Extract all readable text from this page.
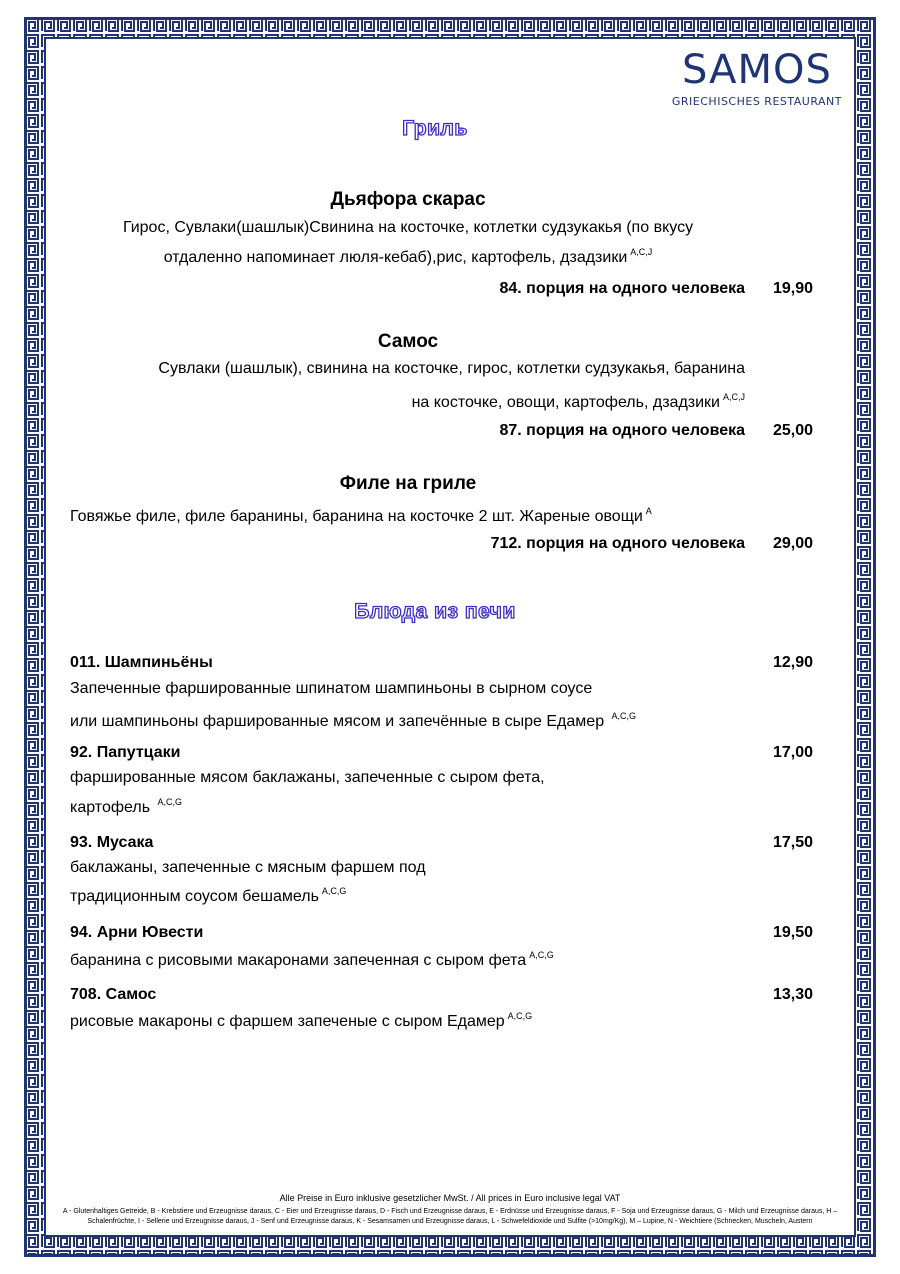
SAMOS
GRIECHISCHES RESTAURANT
Гриль
Дьяфора скарас
Гирос, Сувлаки(шашлык)Свинина на косточке, котлетки судзукакья (по вкусу
отдаленно напоминает люля-кебаб),рис, картофель, дзадзики $^{A,C,J}$
84. порция на одного человека 19,90
Самос
Сувлаки (шашлык), свинина на косточке, гирос, котлетки судзукакья, баранина
на косточке, овощи, картофель, дзадзики $^{A,C,J}$
87. порция на одного человека 25,00
Филе на гриле
Говяжье филе, филе баранины, баранина на косточке 2 шт. Жареные овощи $^A$
712. порция на одного человека 29,00
Блюда из печи
011. Шампиньёны	12,90
Запеченные фаршированные шпинатом шампиньоны в сырном соусе
или шампиньоны фаршированные мясом и запечённые в сыре Едамер $^{A,C,G}$
92. Папутцаки	17,00
фаршированные мясом баклажаны, запеченные с сыром фета,
картофель $^{A,C,G}$
93. Мусака	17,50
баклажаны, запеченные с мясным фаршем под
традиционным соусом бешамель $^{A,C,G}$
94. Арни Ювести	19,50
баранина с рисовыми макаронами запеченная с сыром фета $^{A,C,G}$
708. Самос	13,30
рисовые макароны с фаршем запеченые с сыром Едамер $^{A,C,G}$
Alle Preise in Euro inklusive gesetzlicher MwSt. / All prices in Euro inclusive legal VAT
A - Glutenhaltiges Getreide, B - Krebstiere und Erzeugnisse daraus, C - Eier und Erzeugnisse daraus, D - Fisch und Erzeugnisse daraus, E - Erdnüsse und Erzeugnisse daraus, F - Soja und Erzeugnisse daraus, G - Milch und Erzeugnisse daraus, H –
Schalenfrüchte, I - Sellerie und Erzeugnisse daraus, J - Senf und Erzeugnisse daraus, K - Sesamsamen und Erzeugnisse daraus, L - Schwefeldioxide und Sulfite (>10mg/Kg), M – Lupine, N - Weichtiere (Schnecken, Muscheln, Austern
